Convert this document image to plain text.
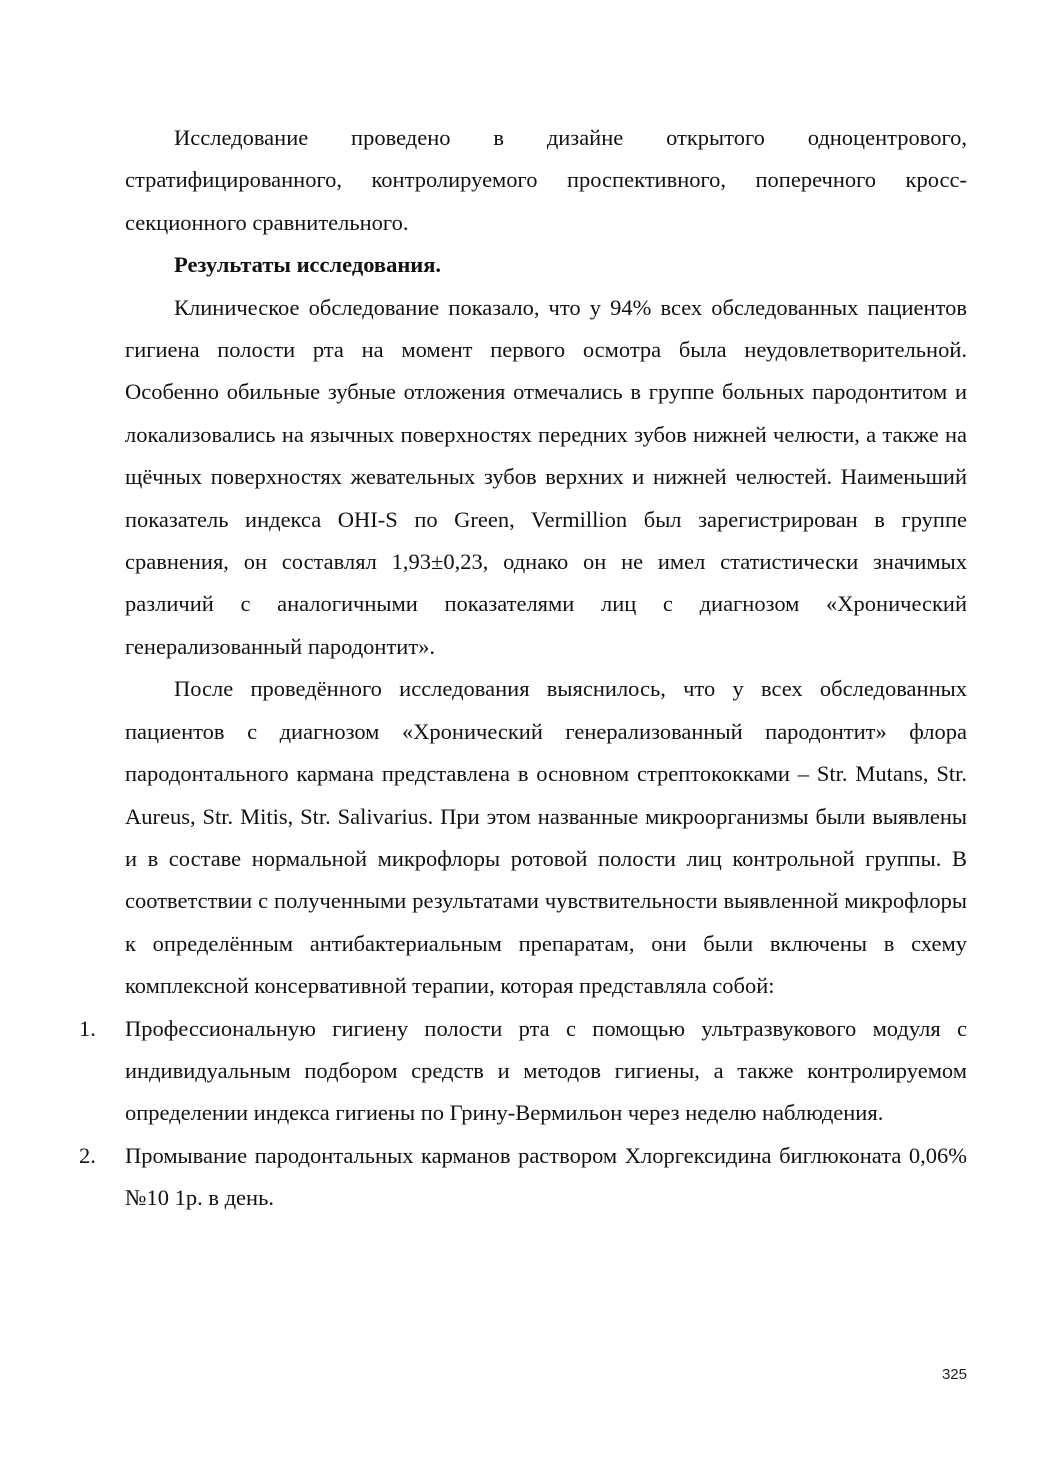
Исследование проведено в дизайне открытого одноцентрового, стратифицированного, контролируемого проспективного, поперечного кросс-секционного сравнительного.

Результаты исследования.

Клиническое обследование показало, что у 94% всех обследованных пациентов гигиена полости рта на момент первого осмотра была неудовлетворительной. Особенно обильные зубные отложения отмечались в группе больных пародонтитом и локализовались на язычных поверхностях передних зубов нижней челюсти, а также на щёчных поверхностях жевательных зубов верхних и нижней челюстей. Наименьший показатель индекса OHI-S по Green, Vermillion был зарегистрирован в группе сравнения, он составлял 1,93±0,23, однако он не имел статистически значимых различий с аналогичными показателями лиц с диагнозом «Хронический генерализованный пародонтит».

После проведённого исследования выяснилось, что у всех обследованных пациентов с диагнозом «Хронический генерализованный пародонтит» флора пародонтального кармана представлена в основном стрептококками – Str. Mutans, Str. Aureus, Str. Mitis, Str. Salivarius. При этом названные микроорганизмы были выявлены и в составе нормальной микрофлоры ротовой полости лиц контрольной группы. В соответствии с полученными результатами чувствительности выявленной микрофлоры к определённым антибактериальным препаратам, они были включены в схему комплексной консервативной терапии, которая представляла собой:

1. Профессиональную гигиену полости рта с помощью ультразвукового модуля с индивидуальным подбором средств и методов гигиены, а также контролируемом определении индекса гигиены по Грину-Вермильон через неделю наблюдения.
2. Промывание пародонтальных карманов раствором Хлоргексидина биглюконата 0,06% №10 1р. в день.
325
